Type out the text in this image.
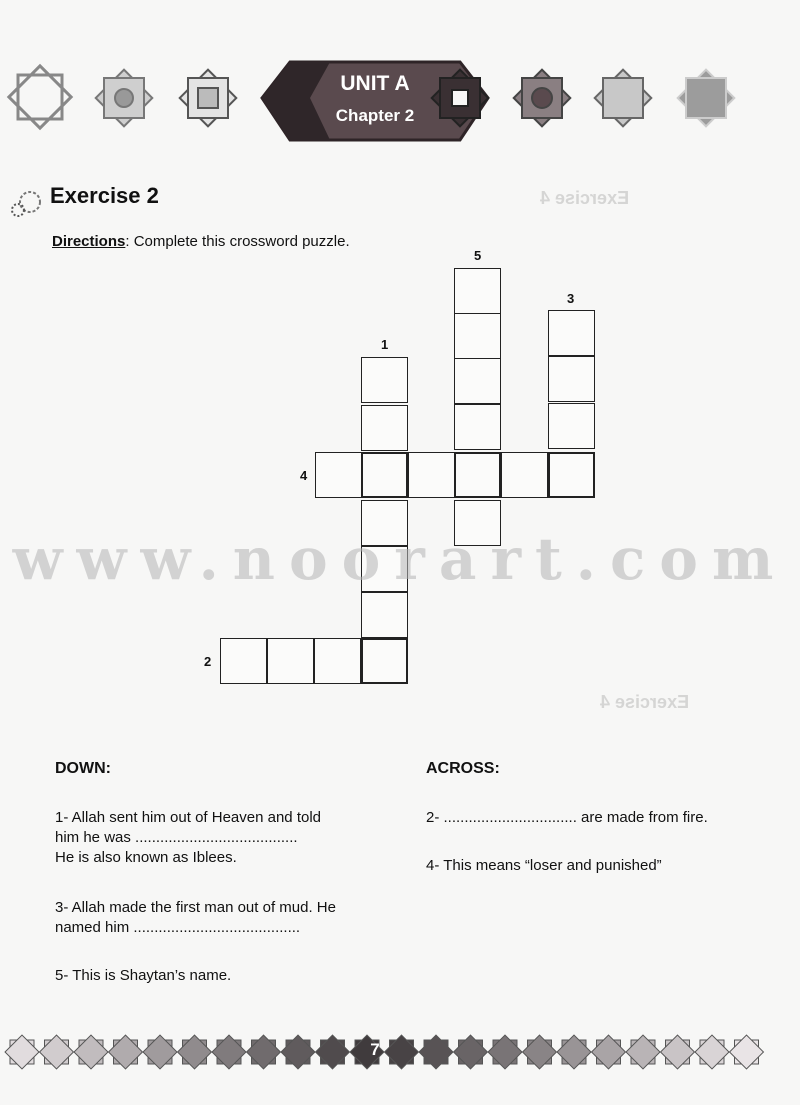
UNIT A
Chapter 2
Exercise 2
Directions: Complete this crossword puzzle.
Exercise 4
Exercise 4
5
3
1
4
2
www.noorart.com
DOWN:
1- Allah sent him out of Heaven and told
him he was .......................................
He is also known as Iblees.
3- Allah made the first man out of mud. He
named him ........................................
5- This is Shaytan’s name.
ACROSS:
2- ................................ are made from fire.
4- This means “loser and punished”
7
